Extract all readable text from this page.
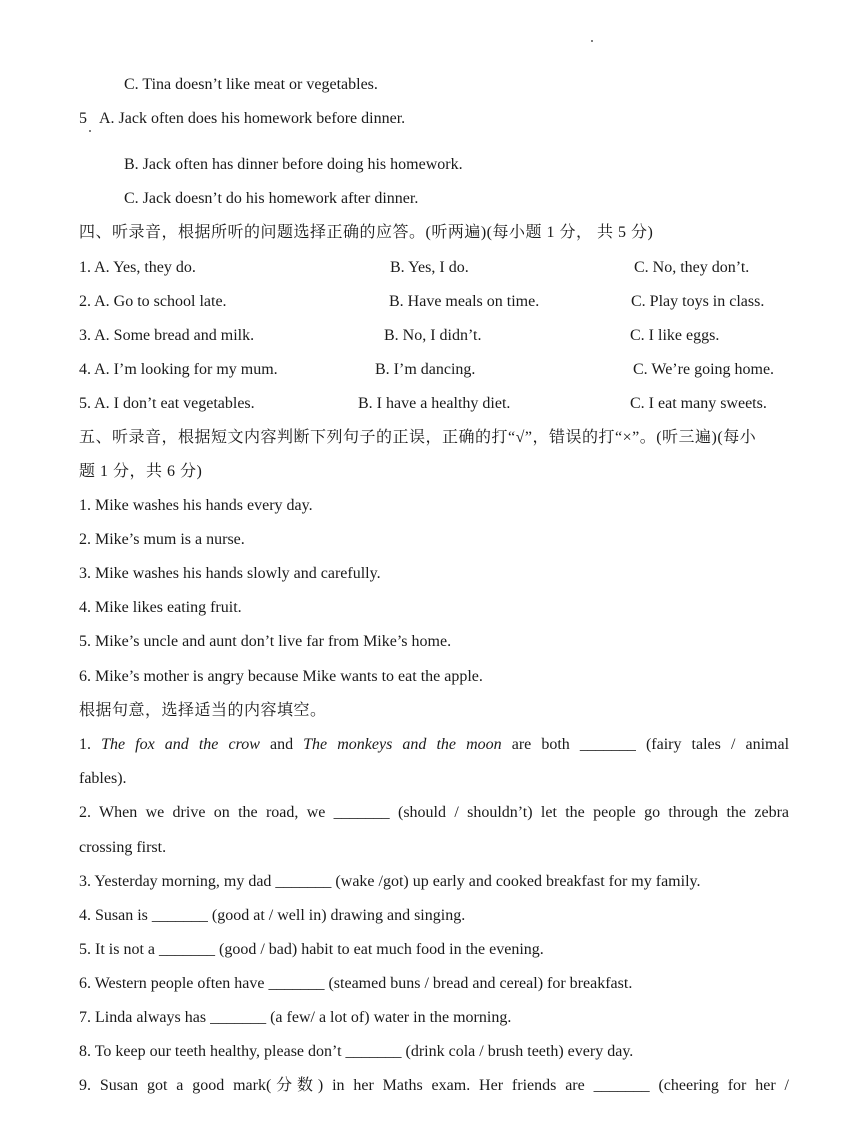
C. Tina doesn’t like meat or vegetables.
5 A. Jack often does his homework before dinner.
B. Jack often has dinner before doing his homework.
C. Jack doesn’t do his homework after dinner.
四、听录音，根据所听的问题选择正确的应答。(听两遍)(每小题 1 分， 共 5 分)
1. A. Yes, they do.	B. Yes, I do.	C. No, they don’t.
2. A. Go to school late.	B. Have meals on time.	C. Play toys in class.
3. A. Some bread and milk.	B. No, I didn’t.	C. I like eggs.
4. A. I’m looking for my mum.	B. I’m dancing.	C. We’re going home.
5. A. I don’t eat vegetables.	B. I have a healthy diet.	C. I eat many sweets.
五、听录音，根据短文内容判断下列句子的正误，正确的打“√”，错误的打“×”。(听三遍)(每小
题 1 分，共 6 分)
1. Mike washes his hands every day.
2. Mike’s mum is a nurse.
3. Mike washes his hands slowly and carefully.
4. Mike likes eating fruit.
5. Mike’s uncle and aunt don’t live far from Mike’s home.
6. Mike’s mother is angry because Mike wants to eat the apple.
根据句意，选择适当的内容填空。
1. The fox and the crow and The monkeys and the moon are both _______ (fairy tales / animal
fables).
2. When we drive on the road, we _______ (should / shouldn’t) let the people go through the zebra
crossing first.
3. Yesterday morning, my dad _______ (wake /got) up early and cooked breakfast for my family.
4. Susan is _______ (good at / well in) drawing and singing.
5. It is not a _______ (good / bad) habit to eat much food in the evening.
6. Western people often have _______ (steamed buns / bread and cereal) for breakfast.
7. Linda always has _______ (a few/ a lot of) water in the morning.
8. To keep our teeth healthy, please don’t _______ (drink cola / brush teeth) every day.
9. Susan got a good mark(分数) in her Maths exam. Her friends are _______ (cheering for her /
